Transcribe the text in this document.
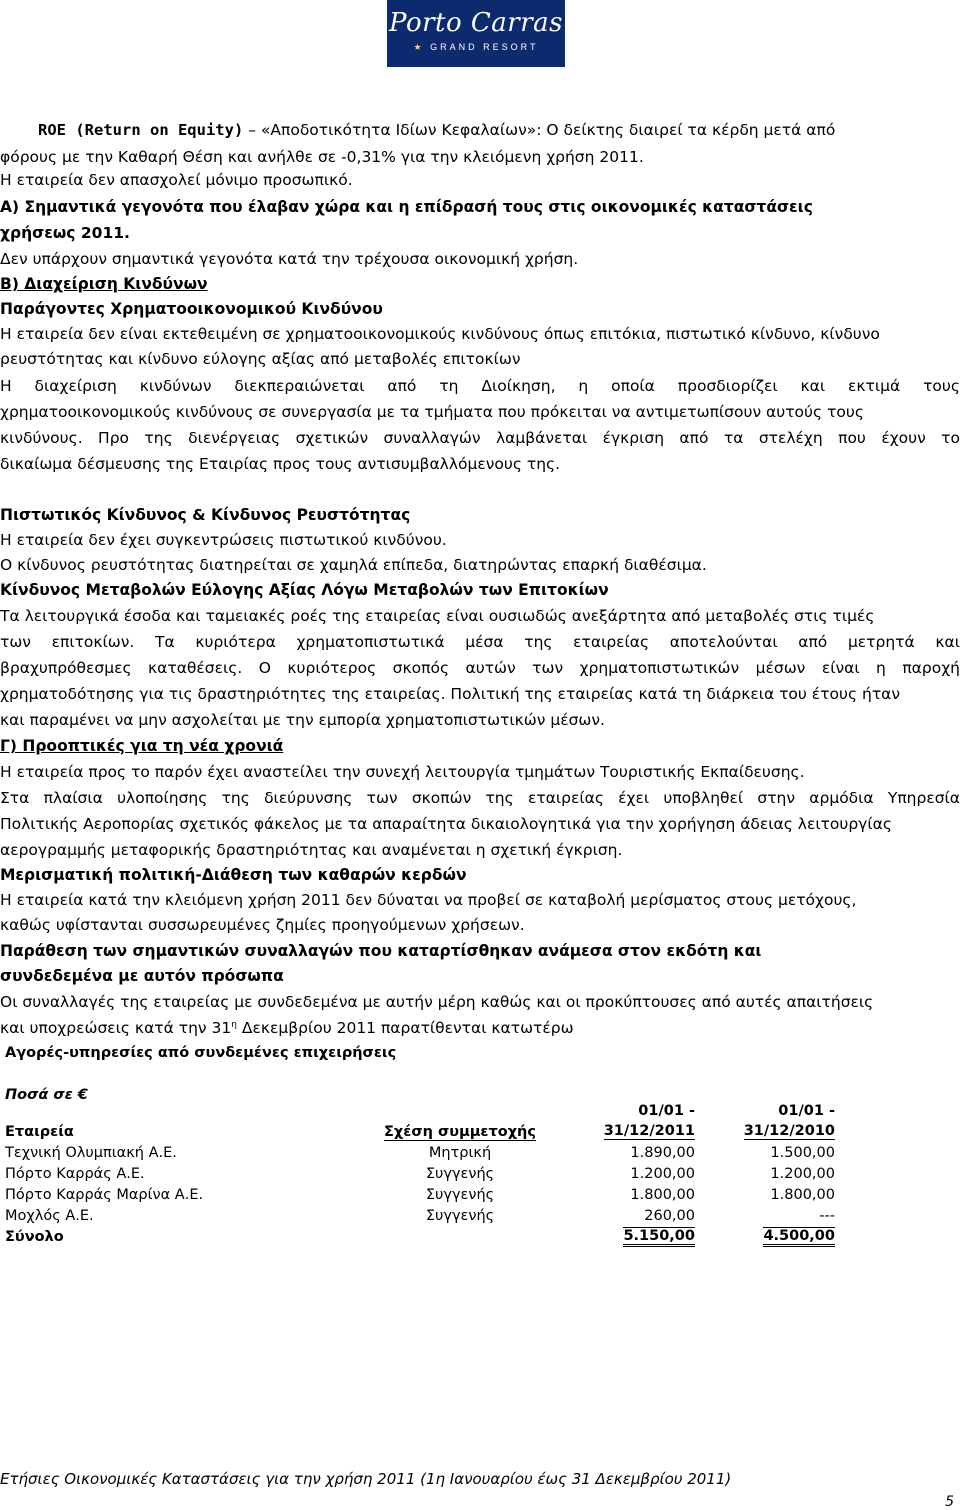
Porto Carras
★ GRAND RESORT
ROE (Return on Equity) – «Αποδοτικότητα Ιδίων Κεφαλαίων»: Ο δείκτης διαιρεί τα κέρδη μετά από
φόρους με την Καθαρή Θέση και ανήλθε σε -0,31% για την κλειόμενη χρήση 2011.
Η εταιρεία δεν απασχολεί μόνιμο προσωπικό.
Α) Σημαντικά γεγονότα που έλαβαν χώρα και η επίδρασή τους στις οικονομικές καταστάσεις
χρήσεως 2011.
Δεν υπάρχουν σημαντικά γεγονότα κατά την τρέχουσα οικονομική χρήση.
Β) Διαχείριση Κινδύνων
Παράγοντες Χρηματοοικονομικού Κινδύνου
Η εταιρεία δεν είναι εκτεθειμένη σε χρηματοοικονομικούς κινδύνους όπως επιτόκια, πιστωτικό κίνδυνο, κίνδυνο
ρευστότητας και κίνδυνο εύλογης αξίας από μεταβολές επιτοκίων
Η διαχείριση κινδύνων διεκπεραιώνεται από τη Διοίκηση, η οποία προσδιορίζει και εκτιμά τους
χρηματοοικονομικούς κινδύνους σε συνεργασία με τα τμήματα που πρόκειται να αντιμετωπίσουν αυτούς τους
κινδύνους. Προ της διενέργειας σχετικών συναλλαγών λαμβάνεται έγκριση από τα στελέχη που έχουν το
δικαίωμα δέσμευσης της Εταιρίας προς τους αντισυμβαλλόμενους της.
Πιστωτικός Κίνδυνος & Κίνδυνος Ρευστότητας
Η εταιρεία δεν έχει συγκεντρώσεις πιστωτικού κινδύνου.
Ο κίνδυνος ρευστότητας διατηρείται σε χαμηλά επίπεδα, διατηρώντας επαρκή διαθέσιμα.
Κίνδυνος Μεταβολών Εύλογης Αξίας Λόγω Μεταβολών των Επιτοκίων
Τα λειτουργικά έσοδα και ταμειακές ροές της εταιρείας είναι ουσιωδώς ανεξάρτητα από μεταβολές στις τιμές
των επιτοκίων. Τα κυριότερα χρηματοπιστωτικά μέσα της εταιρείας αποτελούνται από μετρητά και
βραχυπρόθεσμες καταθέσεις. Ο κυριότερος σκοπός αυτών των χρηματοπιστωτικών μέσων είναι η παροχή
χρηματοδότησης για τις δραστηριότητες της εταιρείας. Πολιτική της εταιρείας κατά τη διάρκεια του έτους ήταν
και παραμένει να μην ασχολείται με την εμπορία χρηματοπιστωτικών μέσων.
Γ) Προοπτικές για τη νέα χρονιά
Η εταιρεία προς το παρόν έχει αναστείλει την συνεχή λειτουργία τμημάτων Τουριστικής Εκπαίδευσης.
Στα πλαίσια υλοποίησης της διεύρυνσης των σκοπών της εταιρείας έχει υποβληθεί στην αρμόδια Υπηρεσία
Πολιτικής Αεροπορίας σχετικός φάκελος με τα απαραίτητα δικαιολογητικά για την χορήγηση άδειας λειτουργίας
αερογραμμής μεταφορικής δραστηριότητας και αναμένεται η σχετική έγκριση.
Μερισματική πολιτική-Διάθεση των καθαρών κερδών
Η εταιρεία κατά την κλειόμενη χρήση 2011 δεν δύναται να προβεί σε καταβολή μερίσματος στους μετόχους,
καθώς υφίστανται συσσωρευμένες ζημίες προηγούμενων χρήσεων.
Παράθεση των σημαντικών συναλλαγών που καταρτίσθηκαν ανάμεσα στον εκδότη και
συνδεδεμένα με αυτόν πρόσωπα
Οι συναλλαγές της εταιρείας με συνδεδεμένα με αυτήν μέρη καθώς και οι προκύπτουσες από αυτές απαιτήσεις
και υποχρεώσεις κατά την $31^\eta$ Δεκεμβρίου 2011 παρατίθενται κατωτέρω
Αγορές-υπηρεσίες από συνδεμένες επιχειρήσεις
Ποσά σε €
		01/01 -	01/01 -
Εταιρεία	Σχέση συμμετοχής	31/12/2011	31/12/2010
Τεχνική Ολυμπιακή Α.Ε.	Μητρική	1.890,00	1.500,00
Πόρτο Καρράς Α.Ε.	Συγγενής	1.200,00	1.200,00
Πόρτο Καρράς Μαρίνα Α.Ε.	Συγγενής	1.800,00	1.800,00
Μοχλός Α.Ε.	Συγγενής	260,00	---
Σύνολο		5.150,00	4.500,00
Ετήσιες Οικονομικές Καταστάσεις για την χρήση 2011 (1η Ιανουαρίου έως 31 Δεκεμβρίου 2011)
5
